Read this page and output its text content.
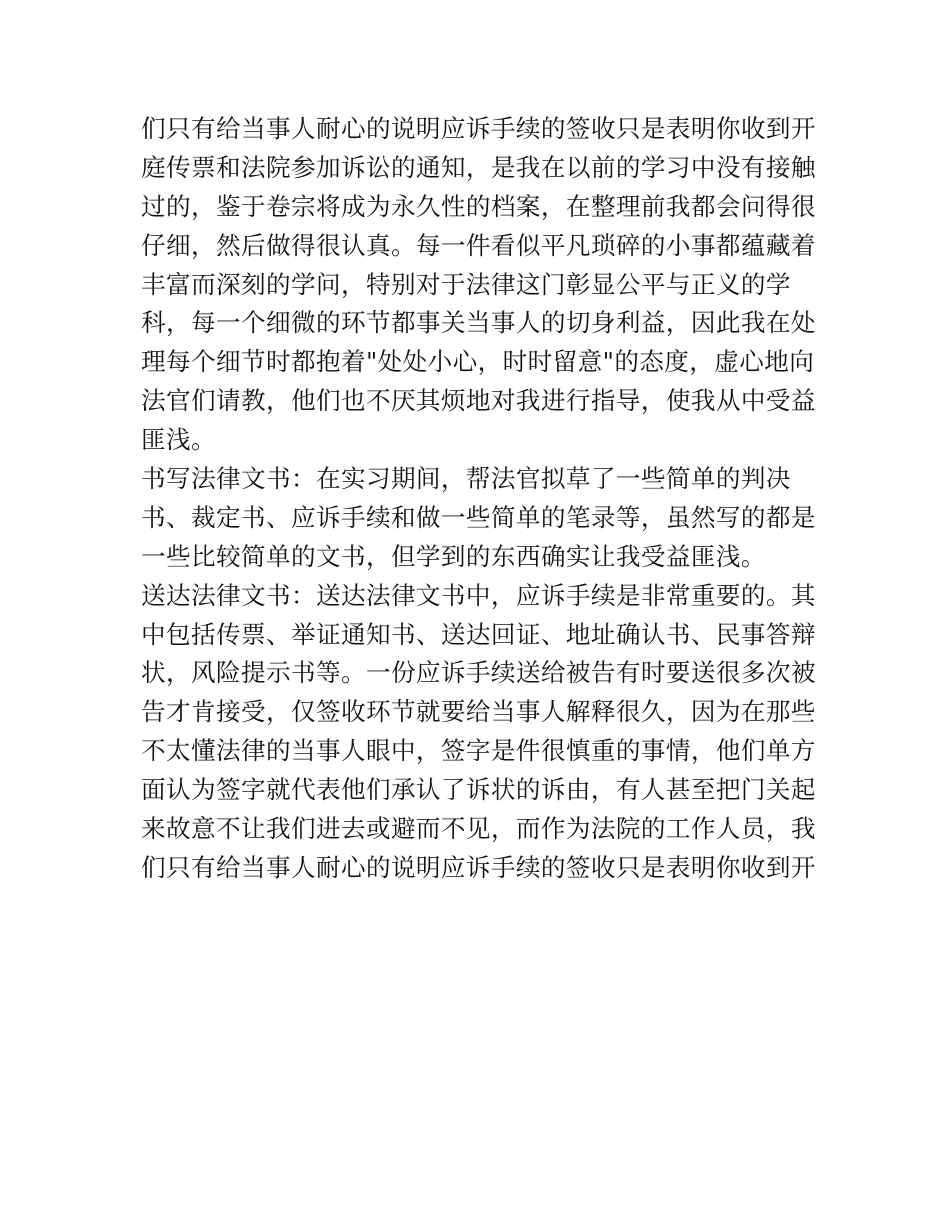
们只有给当事人耐心的说明应诉手续的签收只是表明你收到开
庭传票和法院参加诉讼的通知，是我在以前的学习中没有接触
过的，鉴于卷宗将成为永久性的档案，在整理前我都会问得很
仔细，然后做得很认真。每一件看似平凡琐碎的小事都蕴藏着
丰富而深刻的学问，特别对于法律这门彰显公平与正义的学
科，每一个细微的环节都事关当事人的切身利益，因此我在处
理每个细节时都抱着"处处小心，时时留意"的态度，虚心地向
法官们请教，他们也不厌其烦地对我进行指导，使我从中受益
匪浅。
书写法律文书：在实习期间，帮法官拟草了一些简单的判决
书、裁定书、应诉手续和做一些简单的笔录等，虽然写的都是
一些比较简单的文书，但学到的东西确实让我受益匪浅。
送达法律文书：送达法律文书中，应诉手续是非常重要的。其
中包括传票、举证通知书、送达回证、地址确认书、民事答辩
状，风险提示书等。一份应诉手续送给被告有时要送很多次被
告才肯接受，仅签收环节就要给当事人解释很久，因为在那些
不太懂法律的当事人眼中，签字是件很慎重的事情，他们单方
面认为签字就代表他们承认了诉状的诉由，有人甚至把门关起
来故意不让我们进去或避而不见，而作为法院的工作人员，我
们只有给当事人耐心的说明应诉手续的签收只是表明你收到开
